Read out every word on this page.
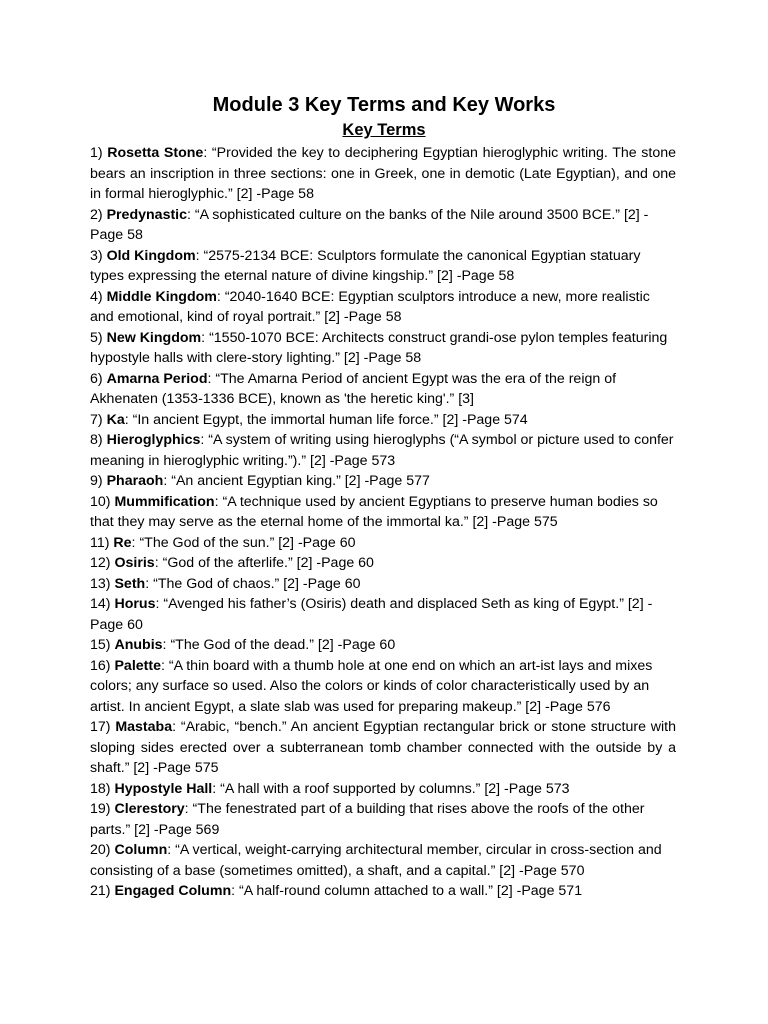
Module 3 Key Terms and Key Works
Key Terms
1) Rosetta Stone: “Provided the key to deciphering Egyptian hieroglyphic writing. The stone bears an inscription in three sections: one in Greek, one in demotic (Late Egyptian), and one in formal hieroglyphic.” [2] -Page 58
2) Predynastic: “A sophisticated culture on the banks of the Nile around 3500 BCE.” [2] -Page 58
3) Old Kingdom: “2575-2134 BCE: Sculptors formulate the canonical Egyptian statuary types expressing the eternal nature of divine kingship.” [2] -Page 58
4) Middle Kingdom: “2040-1640 BCE: Egyptian sculptors introduce a new, more realistic and emotional, kind of royal portrait.” [2] -Page 58
5) New Kingdom: “1550-1070 BCE: Architects construct grandi-ose pylon temples featuring hypostyle halls with clere-story lighting.” [2] -Page 58
6) Amarna Period: “The Amarna Period of ancient Egypt was the era of the reign of Akhenaten (1353-1336 BCE), known as 'the heretic king'.” [3]
7) Ka: “In ancient Egypt, the immortal human life force.” [2] -Page 574
8) Hieroglyphics: “A system of writing using hieroglyphs (“A symbol or picture used to confer meaning in hieroglyphic writing.”).” [2] -Page 573
9) Pharaoh: “An ancient Egyptian king.” [2] -Page 577
10) Mummification: “A technique used by ancient Egyptians to preserve human bodies so that they may serve as the eternal home of the immortal ka.” [2] -Page 575
11) Re: “The God of the sun.” [2] -Page 60
12) Osiris: “God of the afterlife.” [2] -Page 60
13) Seth: “The God of chaos.” [2] -Page 60
14) Horus: “Avenged his father’s (Osiris) death and displaced Seth as king of Egypt.” [2] -Page 60
15) Anubis: “The God of the dead.” [2] -Page 60
16) Palette: “A thin board with a thumb hole at one end on which an art-ist lays and mixes colors; any surface so used. Also the colors or kinds of color characteristically used by an artist. In ancient Egypt, a slate slab was used for preparing makeup.” [2] -Page 576
17) Mastaba: “Arabic, “bench.” An ancient Egyptian rectangular brick or stone structure with sloping sides erected over a subterranean tomb chamber connected with the outside by a shaft.” [2] -Page 575
18) Hypostyle Hall: “A hall with a roof supported by columns.” [2] -Page 573
19) Clerestory: “The fenestrated part of a building that rises above the roofs of the other parts.” [2] -Page 569
20) Column: “A vertical, weight-carrying architectural member, circular in cross-section and consisting of a base (sometimes omitted), a shaft, and a capital.” [2] -Page 570
21) Engaged Column: “A half-round column attached to a wall.” [2] -Page 571
